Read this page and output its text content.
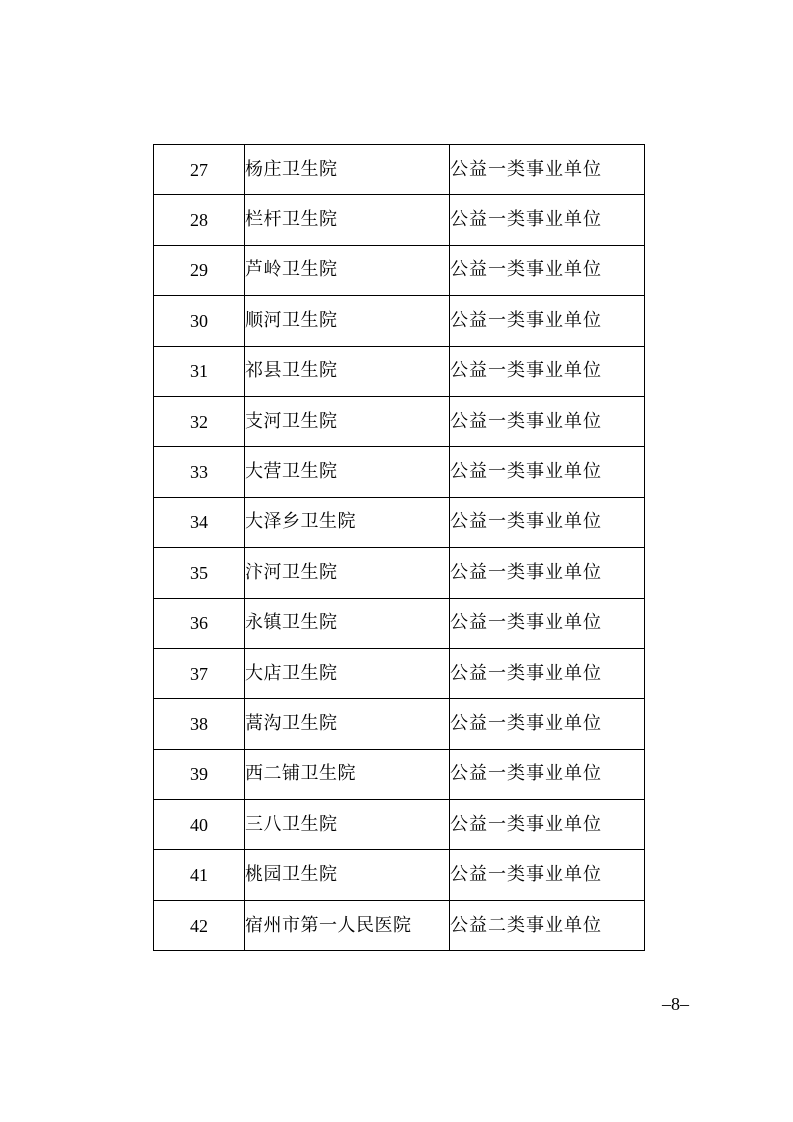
27	杨庄卫生院	公益一类事业单位
28	栏杆卫生院	公益一类事业单位
29	芦岭卫生院	公益一类事业单位
30	顺河卫生院	公益一类事业单位
31	祁县卫生院	公益一类事业单位
32	支河卫生院	公益一类事业单位
33	大营卫生院	公益一类事业单位
34	大泽乡卫生院	公益一类事业单位
35	汴河卫生院	公益一类事业单位
36	永镇卫生院	公益一类事业单位
37	大店卫生院	公益一类事业单位
38	蒿沟卫生院	公益一类事业单位
39	西二铺卫生院	公益一类事业单位
40	三八卫生院	公益一类事业单位
41	桃园卫生院	公益一类事业单位
42	宿州市第一人民医院	公益二类事业单位
–8–
